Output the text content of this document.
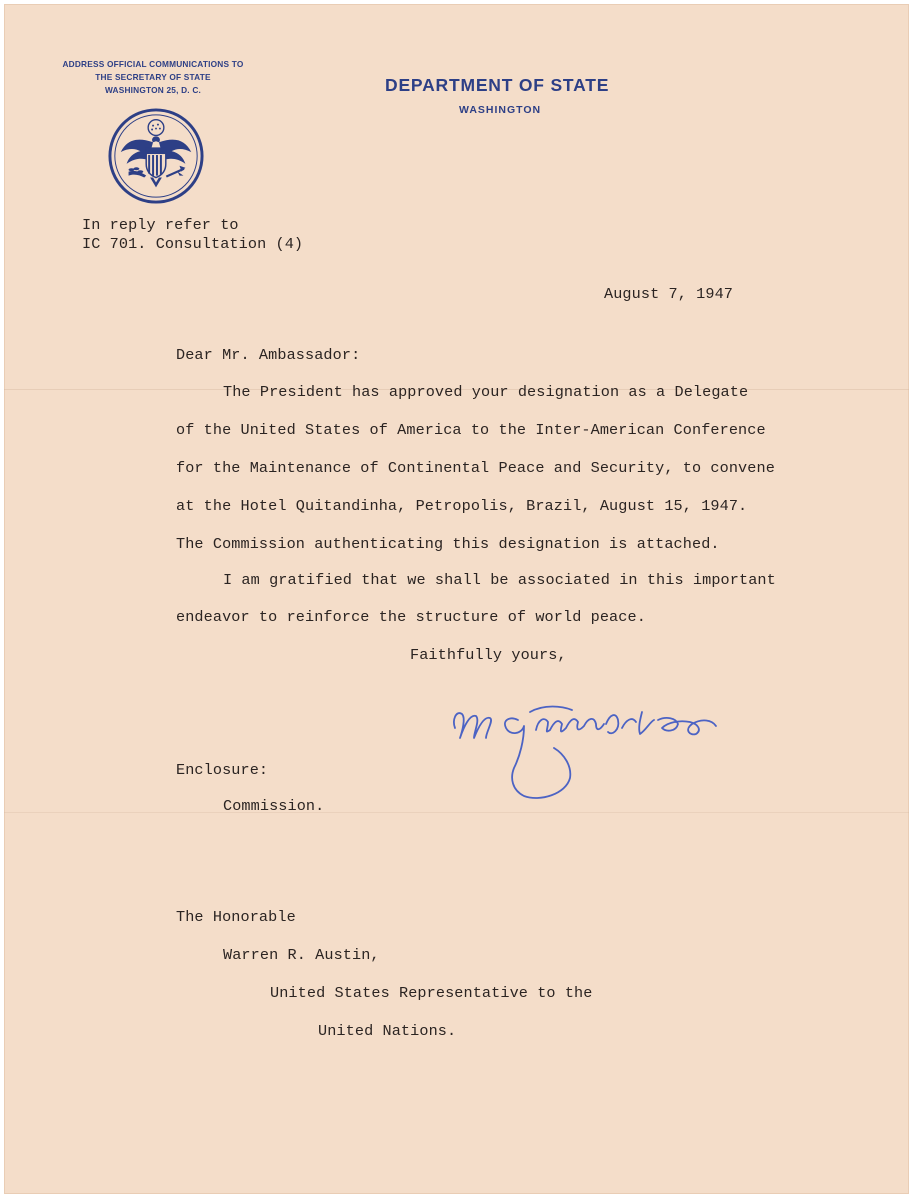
ADDRESS OFFICIAL COMMUNICATIONS TO
THE SECRETARY OF STATE
WASHINGTON 25, D. C.	DEPARTMENT OF STATE
WASHINGTON
In reply refer to
IC 701. Consultation (4)
August 7, 1947
Dear Mr. Ambassador:
The President has approved your designation as a Delegate
of the United States of America to the Inter-American Conference
for the Maintenance of Continental Peace and Security, to convene
at the Hotel Quitandinha, Petropolis, Brazil, August 15, 1947.
The Commission authenticating this designation is attached.
I am gratified that we shall be associated in this important
endeavor to reinforce the structure of world peace.
Faithfully yours,
Enclosure:
Commission.
The Honorable
Warren R. Austin,
United States Representative to the
United Nations.
